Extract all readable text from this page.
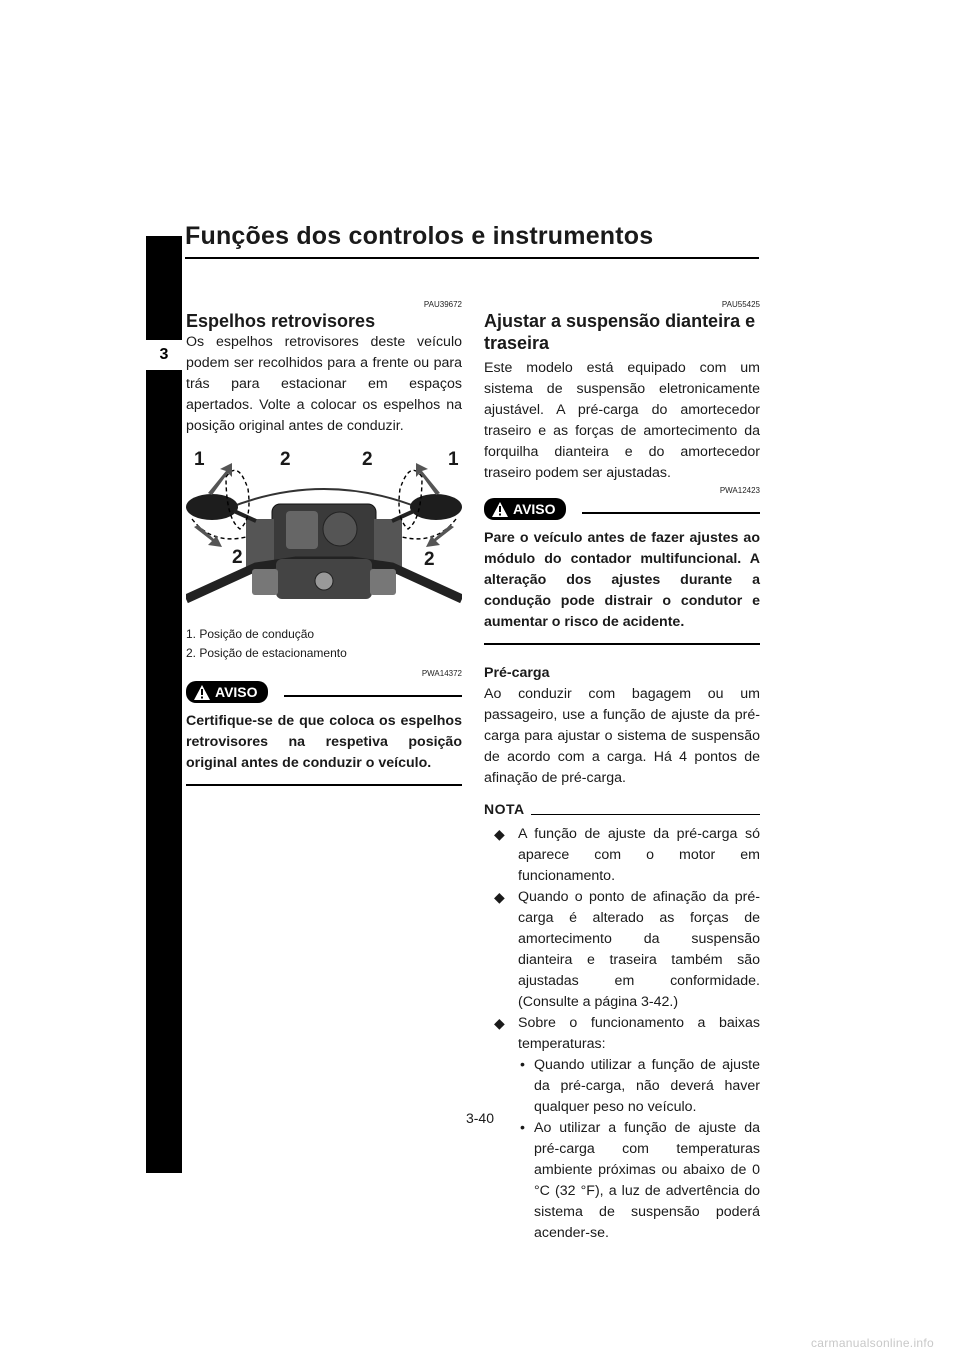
Funções dos controlos e instrumentos
3
PAU39672
Espelhos retrovisores

Os espelhos retrovisores deste veículo podem ser recolhidos para a frente ou para trás para estacionar em espaços apertados. Volte a colocar os espelhos na posição original antes de conduzir.

1	2	2	1
2	2
1. Posição de condução
2. Posição de estacionamento
PWA14372
AVISO
Certifique-se de que coloca os espelhos retrovisores na respetiva posição original antes de conduzir o veículo.
PAU55425
Ajustar a suspensão dianteira e traseira

Este modelo está equipado com um sistema de suspensão eletronicamente ajustável. A pré-carga do amortecedor traseiro e as forças de amortecimento da forquilha dianteira e do amortecedor traseiro podem ser ajustadas.

PWA12423
AVISO
Pare o veículo antes de fazer ajustes ao módulo do contador multifuncional. A alteração dos ajustes durante a condução pode distrair o condutor e aumentar o risco de acidente.
Pré-carga

Ao conduzir com bagagem ou um passageiro, use a função de ajuste da pré-carga para ajustar o sistema de suspensão de acordo com a carga. Há 4 pontos de afinação de pré-carga.

NOTA
◆ A função de ajuste da pré-carga só aparece com o motor em funcionamento.
◆ Quando o ponto de afinação da pré-carga é alterado as forças de amortecimento da suspensão dianteira e traseira também são ajustadas em conformidade. (Consulte a página 3-42.)
◆ Sobre o funcionamento a baixas temperaturas:
• Quando utilizar a função de ajuste da pré-carga, não deverá haver qualquer peso no veículo.
• Ao utilizar a função de ajuste da pré-carga com temperaturas ambiente próximas ou abaixo de 0 °C (32 °F), a luz de advertência do sistema de suspensão poderá acender-se.
3-40
carmanualsonline.info
